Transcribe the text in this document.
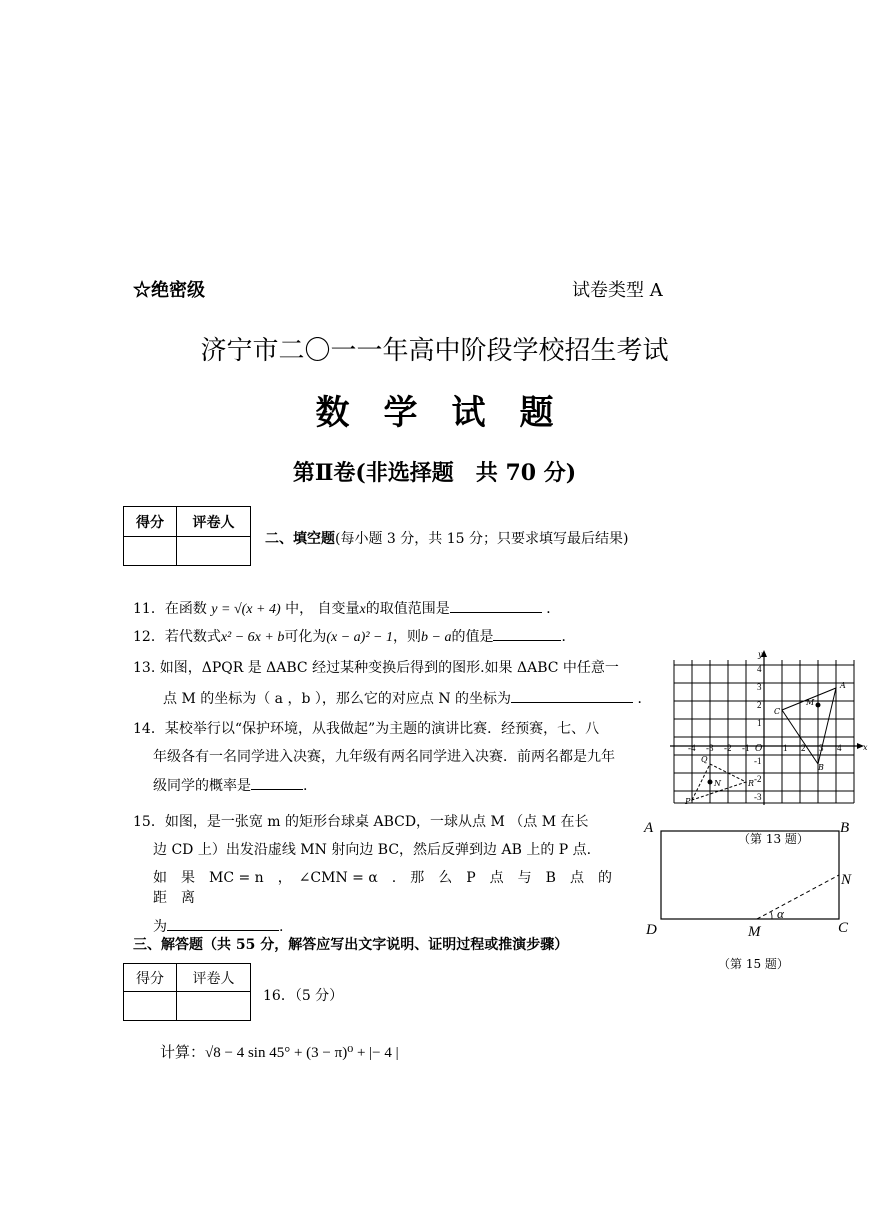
☆绝密级	试卷类型 A
济宁市二〇一一年高中阶段学校招生考试
数　学　试　题
第Ⅱ卷(非选择题　共 70 分)
得分	评卷人

二、填空题(每小题 3 分，共 15 分；只要求填写最后结果)
11．在函数 y = √(x + 4) 中， 自变量x的取值范围是	．
12．若代数式x² − 6x + b可化为(x − a)² − 1，则b − a的值是	．
13. 如图，ΔPQR 是 ΔABC 经过某种变换后得到的图形.如果 ΔABC 中任意一
点 M 的坐标为（ a ，b ），那么它的对应点 N 的坐标为	．
14．某校举行以“保护环境，从我做起”为主题的演讲比赛．经预赛，七、八
年级各有一名同学进入决赛，九年级有两名同学进入决赛．前两名都是九年
级同学的概率是	.
15．如图，是一张宽 m 的矩形台球桌 ABCD，一球从点 M （点 M 在长
边 CD 上）出发沿虚线 MN 射向边 BC，然后反弹到边 AB 上的 P 点.
如　果　MC = n　，　∠CMN = α　.　那　么　P　点　与　B　点　的　距　离
为	.
三、解答题（共 55 分，解答应写出文字说明、证明过程或推演步骤）
得分	评卷人

16．（5 分）
计算：√8 − 4 sin 45° + (3 − π)⁰ + |− 4 |
x
y
O
-4 -3 -2 -1	1 2 3 4
4
3
2
1
-1
-2
-3
A
B
C
M
P
Q
R
N
A	B
C
D	M
N
α
（第 13 题）
（第 15 题）
